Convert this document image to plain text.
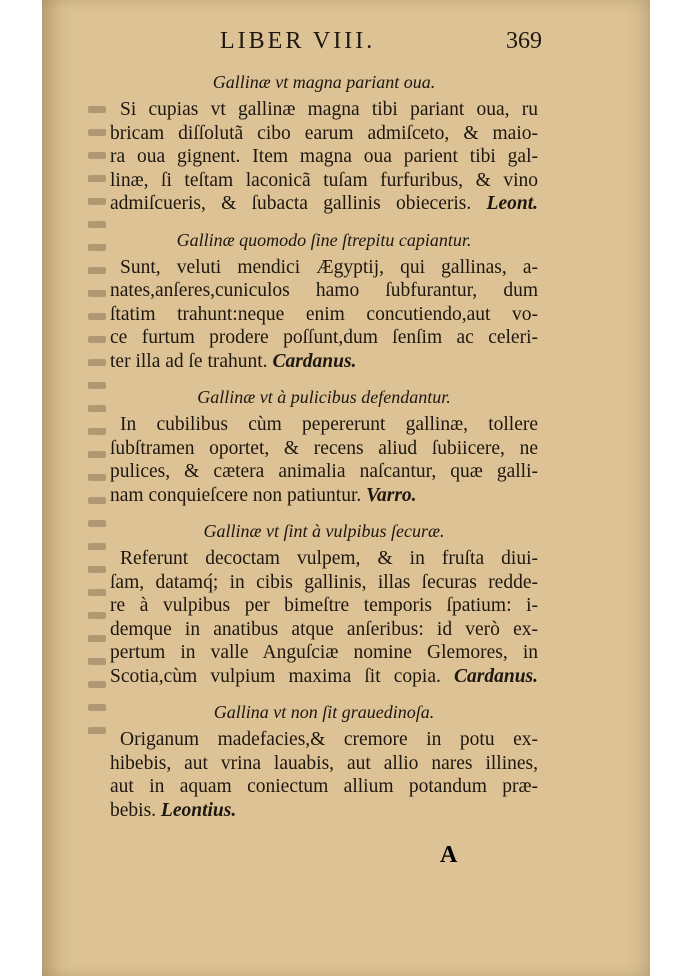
LIBER VIII.	369
Gallinæ vt magna pariant oua.
Si cupias vt gallinæ magna tibi pariant oua, ru
bricam diſſolutã cibo earum admiſceto, & maio-
ra oua gignent. Item magna oua parient tibi gal-
linæ, ſi teſtam laconicã tuſam furfuribus, & vino
admiſcueris, & ſubacta gallinis obieceris. Leont.
Gallinæ quomodo ſine ſtrepitu capiantur.
Sunt, veluti mendici Ægyptij, qui gallinas, a-
nates,anſeres,cuniculos hamo ſubfurantur, dum
ſtatim trahunt:neque enim concutiendo,aut vo-
ce furtum prodere poſſunt,dum ſenſim ac celeri-
ter illa ad ſe trahunt. Cardanus.
Gallinæ vt à pulicibus defendantur.
In cubilibus cùm pepererunt gallinæ, tollere
ſubſtramen oportet, & recens aliud ſubiicere, ne
pulices, & cætera animalia naſcantur, quæ galli-
nam conquieſcere non patiuntur. Varro.
Gallinæ vt ſint à vulpibus ſecuræ.
Referunt decoctam vulpem, & in fruſta diui-
ſam, datamq́; in cibis gallinis, illas ſecuras redde-
re à vulpibus per bimeſtre temporis ſpatium: i-
demque in anatibus atque anſeribus: id verò ex-
pertum in valle Anguſciæ nomine Glemores, in
Scotia,cùm vulpium maxima ſit copia. Cardanus.
Gallina vt non ſit grauedinoſa.
Origanum madefacies,& cremore in potu ex-
hibebis, aut vrina lauabis, aut allio nares illines,
aut in aquam coniectum allium potandum præ-
bebis. Leontius.
A
